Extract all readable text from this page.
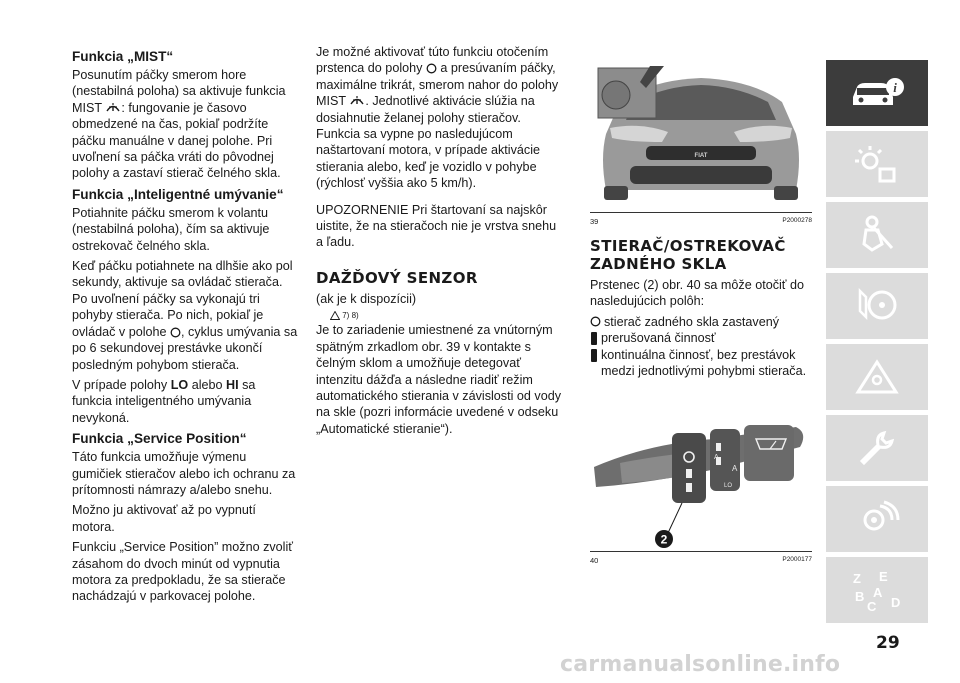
Funkcia „MIST“

Posunutím páčky smerom hore (nestabilná poloha) sa aktivuje funkcia MIST : fungovanie je časovo obmedzené na čas, pokiaľ podržíte páčku manuálne v danej polohe. Pri uvoľnení sa páčka vráti do pôvodnej polohy a zastaví stierač čelného skla.

Funkcia „Inteligentné umývanie“

Potiahnite páčku smerom k volantu (nestabilná poloha), čím sa aktivuje ostrekovač čelného skla.

Keď páčku potiahnete na dlhšie ako pol sekundy, aktivuje sa ovládač stierača. Po uvoľnení páčky sa vykonajú tri pohyby stierača. Po nich, pokiaľ je ovládač v polohe , cyklus umývania sa po 6 sekundovej prestávke ukončí posledným pohybom stierača.

V prípade polohy LO alebo HI sa funkcia inteligentného umývania nevykoná.

Funkcia „Service Position“

Táto funkcia umožňuje výmenu gumičiek stieračov alebo ich ochranu za prítomnosti námrazy a/alebo snehu.

Možno ju aktivovať až po vypnutí motora.

Funkciu „Service Position” možno zvoliť zásahom do dvoch minút od vypnutia motora za predpokladu, že sa stierače nachádzajú v parkovacej polohe.

Je možné aktivovať túto funkciu otočením prstenca do polohy a presúvaním páčky, maximálne trikrát, smerom nahor do polohy MIST . Jednotlivé aktivácie slúžia na dosiahnutie želanej polohy stieračov. Funkcia sa vypne po nasledujúcom naštartovaní motora, v prípade aktivácie stierania alebo, keď je vozidlo v pohybe (rýchlosť vyššia ako 5 km/h).

UPOZORNENIE Pri štartovaní sa najskôr uistite, že na stieračoch nie je vrstva snehu a ľadu.

DAŽĎOVÝ SENZOR

(ak je k dispozícii)

7) 8)

Je to zariadenie umiestnené za vnútorným spätným zrkadlom obr. 39 v kontakte s čelným sklom a umožňuje detegovať intenzitu dážďa a následne riadiť režim automatického stierania v závislosti od vody na skle (pozri informácie uvedené v odseku „Automatické stieranie“).

FIAT
39	P2000278
STIERAČ/OSTREKOVAČ ZADNÉHO SKLA

Prstenec (2) obr. 40 sa môže otočiť do nasledujúcich polôh:

stierač zadného skla zastavený

prerušovaná činnosť

kontinuálna činnosť, bez prestávok medzi jednotlivými pohybmi stierača.

A
A
LO
2
40	P2000177
i
Z E
B A
C D
29
carmanualsonline.info
